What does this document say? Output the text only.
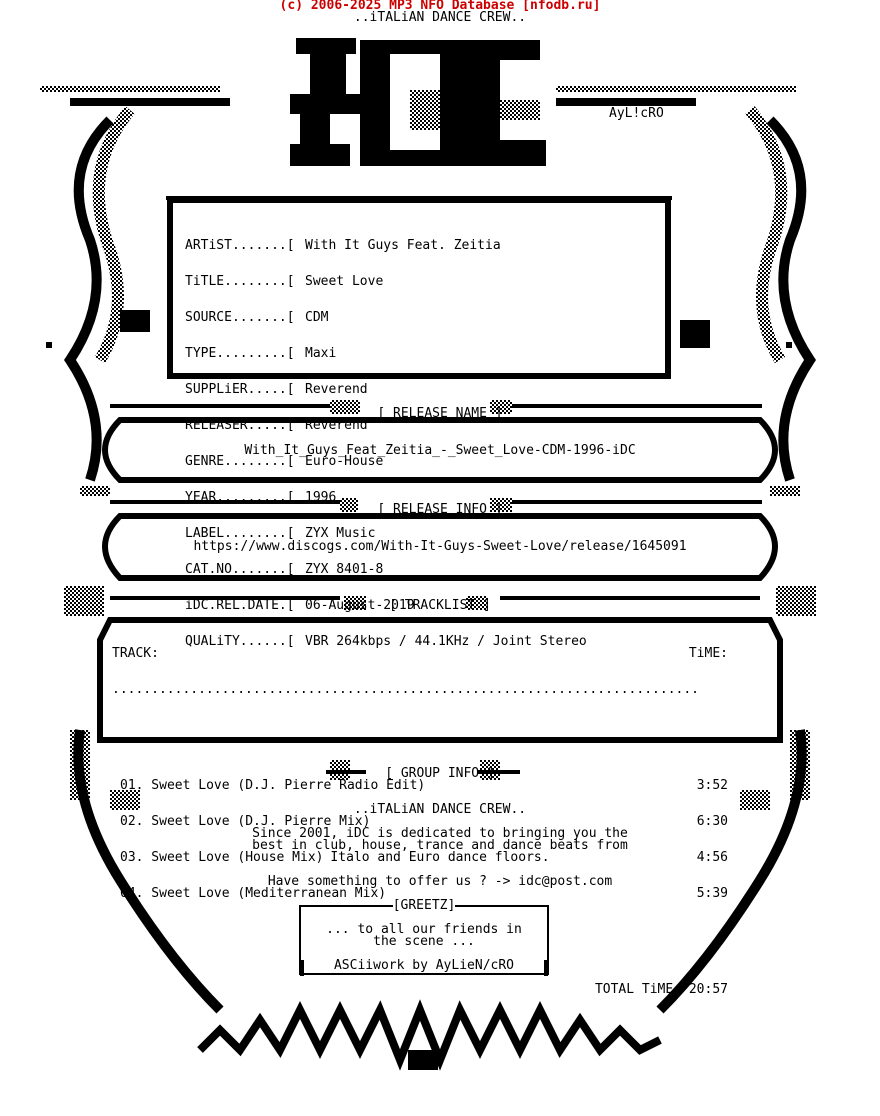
(c) 2006-2025 MP3 NFO Database [nfodb.ru]
..iTALiAN DANCE CREW..
AyL!cRO

ARTiST.......[ With It Guys Feat. Zeitia

TiTLE........[ Sweet Love

SOURCE.......[ CDM

TYPE.........[ Maxi

SUPPLiER.....[ Reverend

RELEASER.....[ Reverend

GENRE........[ Euro-House

YEAR.........[ 1996

LABEL........[ ZYX Music

CAT.NO.......[ ZYX 8401-8

iDC.REL.DATE.[ 06-August-2019

QUALiTY......[ VBR 264kbps / 44.1KHz / Joint Stereo

[ RELEASE NAME ]
With_It_Guys_Feat_Zeitia_-_Sweet_Love-CDM-1996-iDC
[ RELEASE INFO ]
https://www.discogs.com/With-It-Guys-Sweet-Love/release/1645091
[ TRACKLIST ]

TRACK:	TiME:

...........................................................................

01. Sweet Love (D.J. Pierre Radio Edit)	3:52

02. Sweet Love (D.J. Pierre Mix)	6:30

03. Sweet Love (House Mix)	4:56

04. Sweet Love (Mediterranean Mix)	5:39

TOTAL TiME: 20:57

[ GROUP INFO ]
..iTALiAN DANCE CREW..
Since 2001, iDC is dedicated to bringing you the
best in club, house, trance and dance beats from
Italo and Euro dance floors.
Have something to offer us ? -> idc@post.com
[GREETZ]
... to all our friends in
the scene ...
ASCiiwork by AyLieN/cRO
